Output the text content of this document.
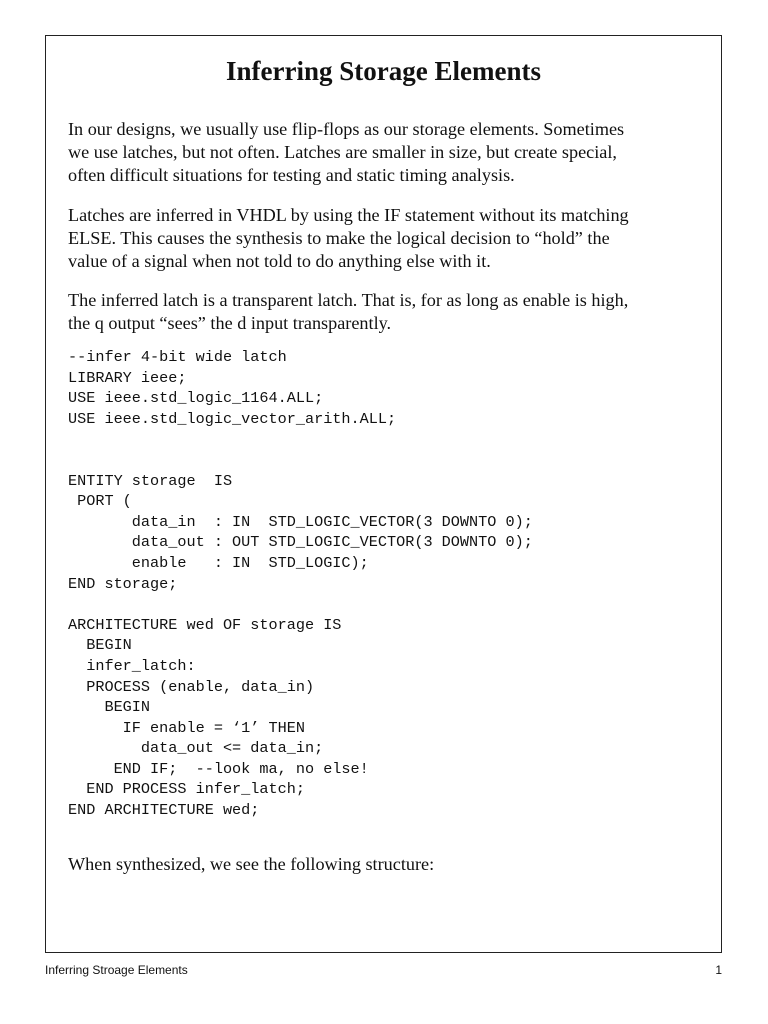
Inferring Storage Elements

In our designs, we usually use flip-flops as our storage elements. Sometimes
we use latches, but not often. Latches are smaller in size, but create special,
often difficult situations for testing and static timing analysis.

Latches are inferred in VHDL by using the IF statement without its matching
ELSE. This causes the synthesis to make the logical decision to “hold” the
value of a signal when not told to do anything else with it.

The inferred latch is a transparent latch. That is, for as long as enable is high,
the q output “sees” the d input transparently.

--infer 4-bit wide latch
LIBRARY ieee;
USE ieee.std_logic_1164.ALL;
USE ieee.std_logic_vector_arith.ALL;

ENTITY storage  IS
PORT (
data_in  : IN  STD_LOGIC_VECTOR(3 DOWNTO 0);
data_out : OUT STD_LOGIC_VECTOR(3 DOWNTO 0);
enable   : IN  STD_LOGIC);
END storage;

ARCHITECTURE wed OF storage IS
BEGIN
infer_latch:
PROCESS (enable, data_in)
BEGIN
IF enable = ‘1’ THEN
data_out <= data_in;
END IF;  --look ma, no else!
END PROCESS infer_latch;
END ARCHITECTURE wed;

When synthesized, we see the following structure:

Inferring Stroage Elements	1
